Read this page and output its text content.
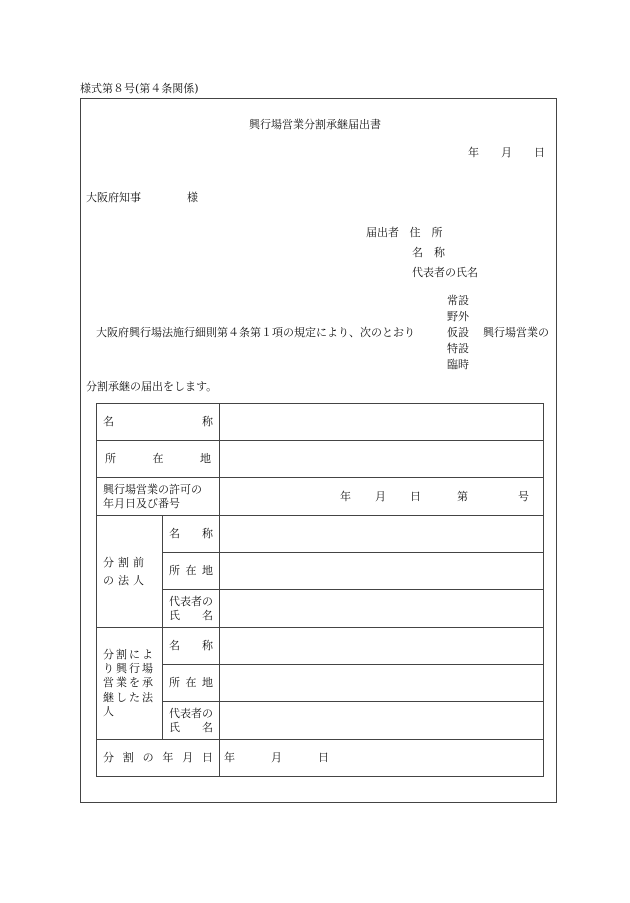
様式第８号(第４条関係)
興行場営業分割承継届出書
年 月 日
大阪府知事	様
届出者 住　所
名　称
代表者の氏名
常設
野外
仮設
特設
臨時
大阪府興行場法施行細則第４条第１項の規定により、次のとおり	興行場営業の
分割承継の届出をします。
名　　　　　　称		

所　　在　　地		

興行場営業の許可の
年月日及び番号		年 月 日 第 号

分割前の法人	名　称	

	所在地	

	代表者の
氏　　名	

分割により興行場営業を承継した法人	名　称	

	所在地	

	代表者の
氏　　名	

分割の年月日		年 月 日
